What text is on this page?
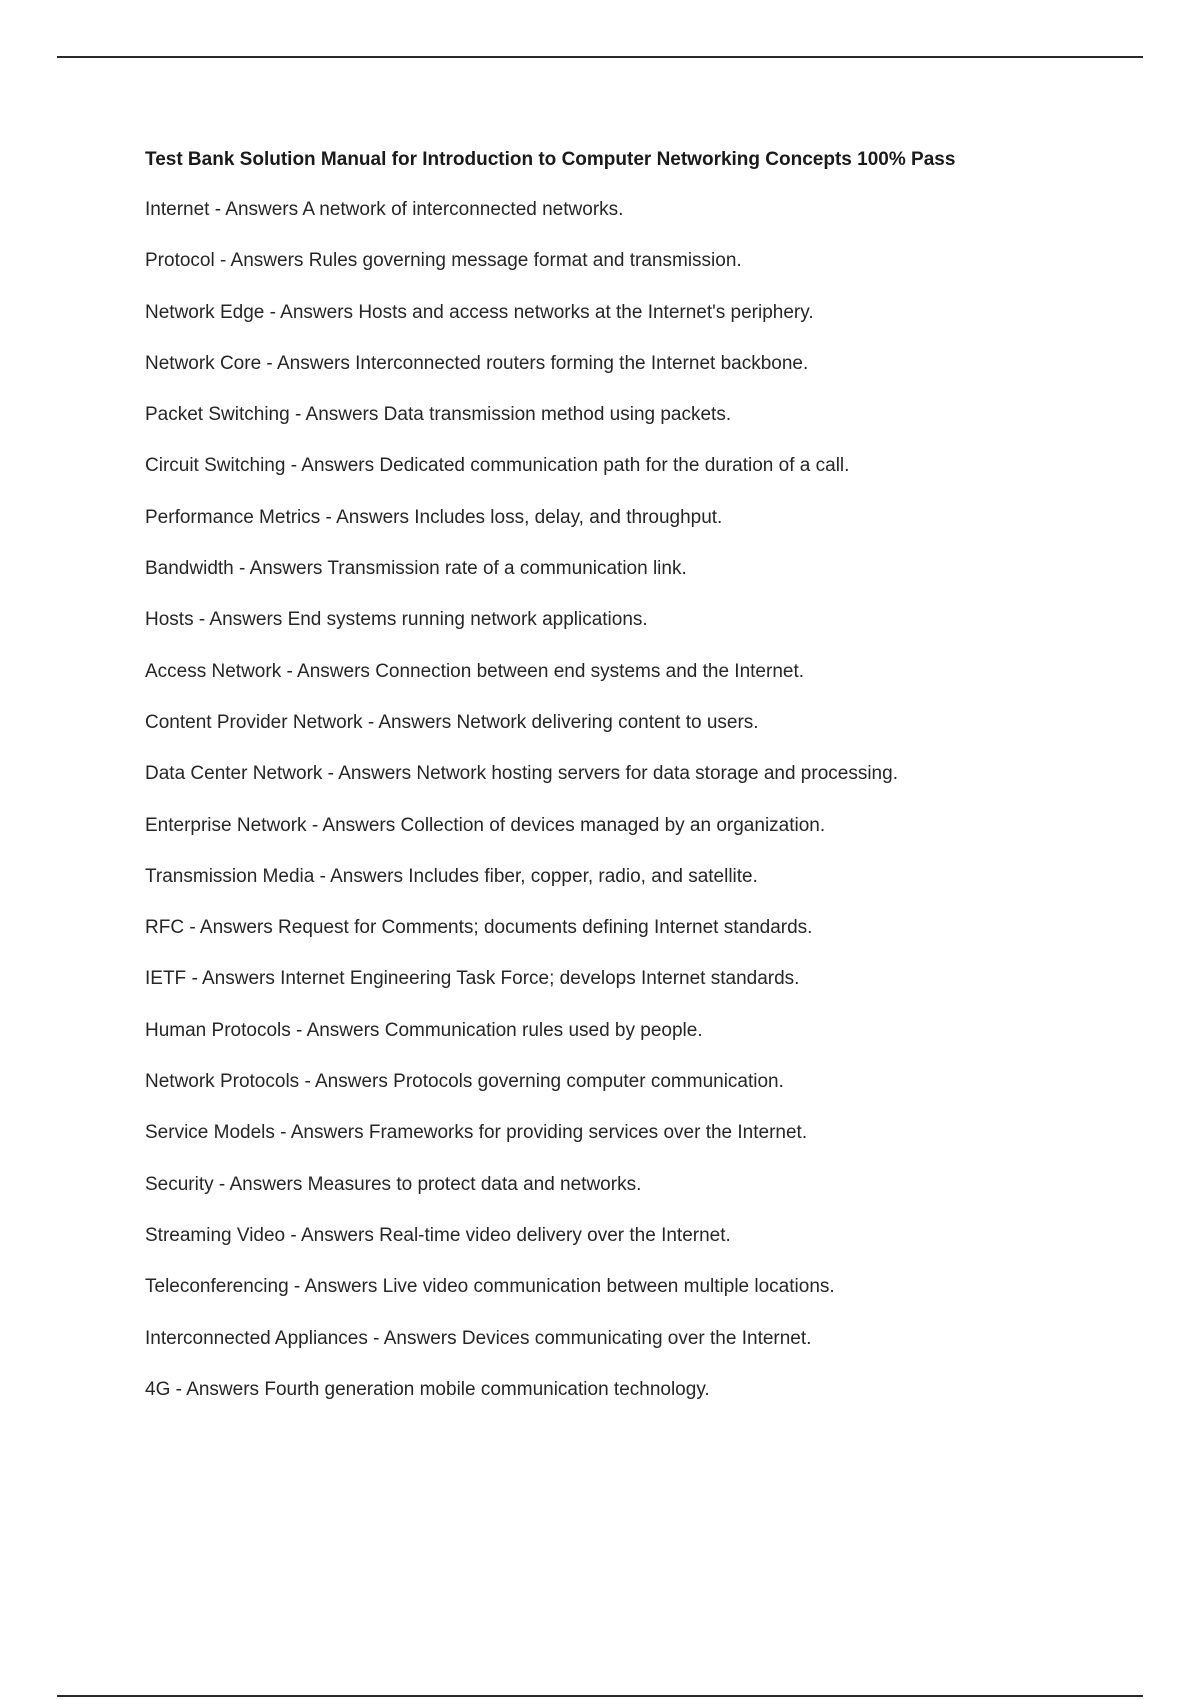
Test Bank Solution Manual for Introduction to Computer Networking Concepts 100% Pass
Internet - Answers A network of interconnected networks.
Protocol - Answers Rules governing message format and transmission.
Network Edge - Answers Hosts and access networks at the Internet's periphery.
Network Core - Answers Interconnected routers forming the Internet backbone.
Packet Switching - Answers Data transmission method using packets.
Circuit Switching - Answers Dedicated communication path for the duration of a call.
Performance Metrics - Answers Includes loss, delay, and throughput.
Bandwidth - Answers Transmission rate of a communication link.
Hosts - Answers End systems running network applications.
Access Network - Answers Connection between end systems and the Internet.
Content Provider Network - Answers Network delivering content to users.
Data Center Network - Answers Network hosting servers for data storage and processing.
Enterprise Network - Answers Collection of devices managed by an organization.
Transmission Media - Answers Includes fiber, copper, radio, and satellite.
RFC - Answers Request for Comments; documents defining Internet standards.
IETF - Answers Internet Engineering Task Force; develops Internet standards.
Human Protocols - Answers Communication rules used by people.
Network Protocols - Answers Protocols governing computer communication.
Service Models - Answers Frameworks for providing services over the Internet.
Security - Answers Measures to protect data and networks.
Streaming Video - Answers Real-time video delivery over the Internet.
Teleconferencing - Answers Live video communication between multiple locations.
Interconnected Appliances - Answers Devices communicating over the Internet.
4G - Answers Fourth generation mobile communication technology.
